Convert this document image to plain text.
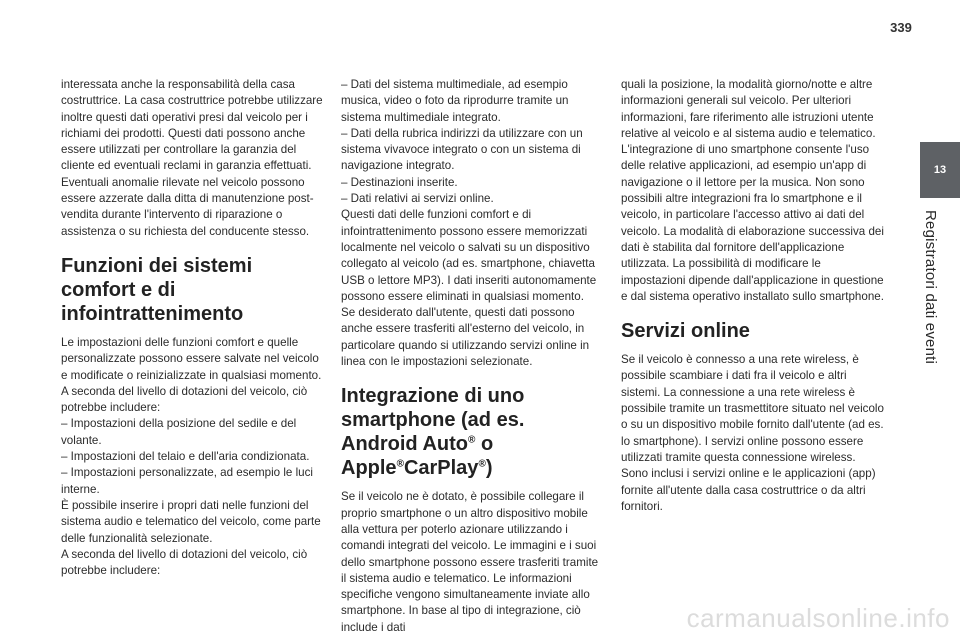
339
13
Registratori dati eventi

interessata anche la responsabilità della casa costruttrice. La casa costruttrice potrebbe utilizzare inoltre questi dati operativi presi dal veicolo per i richiami dei prodotti. Questi dati possono anche essere utilizzati per controllare la garanzia del cliente ed eventuali reclami in garanzia effettuati.

Eventuali anomalie rilevate nel veicolo possono essere azzerate dalla ditta di manutenzione post-vendita durante l'intervento di riparazione o assistenza o su richiesta del conducente stesso.

Funzioni dei sistemi comfort e di infointrattenimento

Le impostazioni delle funzioni comfort e quelle personalizzate possono essere salvate nel veicolo e modificate o reinizializzate in qualsiasi momento.

A seconda del livello di dotazioni del veicolo, ciò potrebbe includere:

– Impostazioni della posizione del sedile e del volante.

– Impostazioni del telaio e dell'aria condizionata.

– Impostazioni personalizzate, ad esempio le luci interne.

È possibile inserire i propri dati nelle funzioni del sistema audio e telematico del veicolo, come parte delle funzionalità selezionate.

A seconda del livello di dotazioni del veicolo, ciò potrebbe includere:

– Dati del sistema multimediale, ad esempio musica, video o foto da riprodurre tramite un sistema multimediale integrato.

– Dati della rubrica indirizzi da utilizzare con un sistema vivavoce integrato o con un sistema di navigazione integrato.

– Destinazioni inserite.

– Dati relativi ai servizi online.

Questi dati delle funzioni comfort e di infointrattenimento possono essere memorizzati localmente nel veicolo o salvati su un dispositivo collegato al veicolo (ad es. smartphone, chiavetta USB o lettore MP3). I dati inseriti autonomamente possono essere eliminati in qualsiasi momento.

Se desiderato dall'utente, questi dati possono anche essere trasferiti all'esterno del veicolo, in particolare quando si utilizzando servizi online in linea con le impostazioni selezionate.

Integrazione di uno smartphone (ad es. Android Auto® o Apple®CarPlay®)

Se il veicolo ne è dotato, è possibile collegare il proprio smartphone o un altro dispositivo mobile alla vettura per poterlo azionare utilizzando i comandi integrati del veicolo. Le immagini e i suoi dello smartphone possono essere trasferiti tramite il sistema audio e telematico. Le informazioni specifiche vengono simultaneamente inviate allo smartphone. In base al tipo di integrazione, ciò include i dati

quali la posizione, la modalità giorno/notte e altre informazioni generali sul veicolo. Per ulteriori informazioni, fare riferimento alle istruzioni utente relative al veicolo e al sistema audio e telematico.

L'integrazione di uno smartphone consente l'uso delle relative applicazioni, ad esempio un'app di navigazione o il lettore per la musica. Non sono possibili altre integrazioni fra lo smartphone e il veicolo, in particolare l'accesso attivo ai dati del veicolo. La modalità di elaborazione successiva dei dati è stabilita dal fornitore dell'applicazione utilizzata. La possibilità di modificare le impostazioni dipende dall'applicazione in questione e dal sistema operativo installato sullo smartphone.

Servizi online

Se il veicolo è connesso a una rete wireless, è possibile scambiare i dati fra il veicolo e altri sistemi. La connessione a una rete wireless è possibile tramite un trasmettitore situato nel veicolo o su un dispositivo mobile fornito dall'utente (ad es. lo smartphone). I servizi online possono essere utilizzati tramite questa connessione wireless. Sono inclusi i servizi online e le applicazioni (app) fornite all'utente dalla casa costruttrice o da altri fornitori.

carmanualsonline.info
